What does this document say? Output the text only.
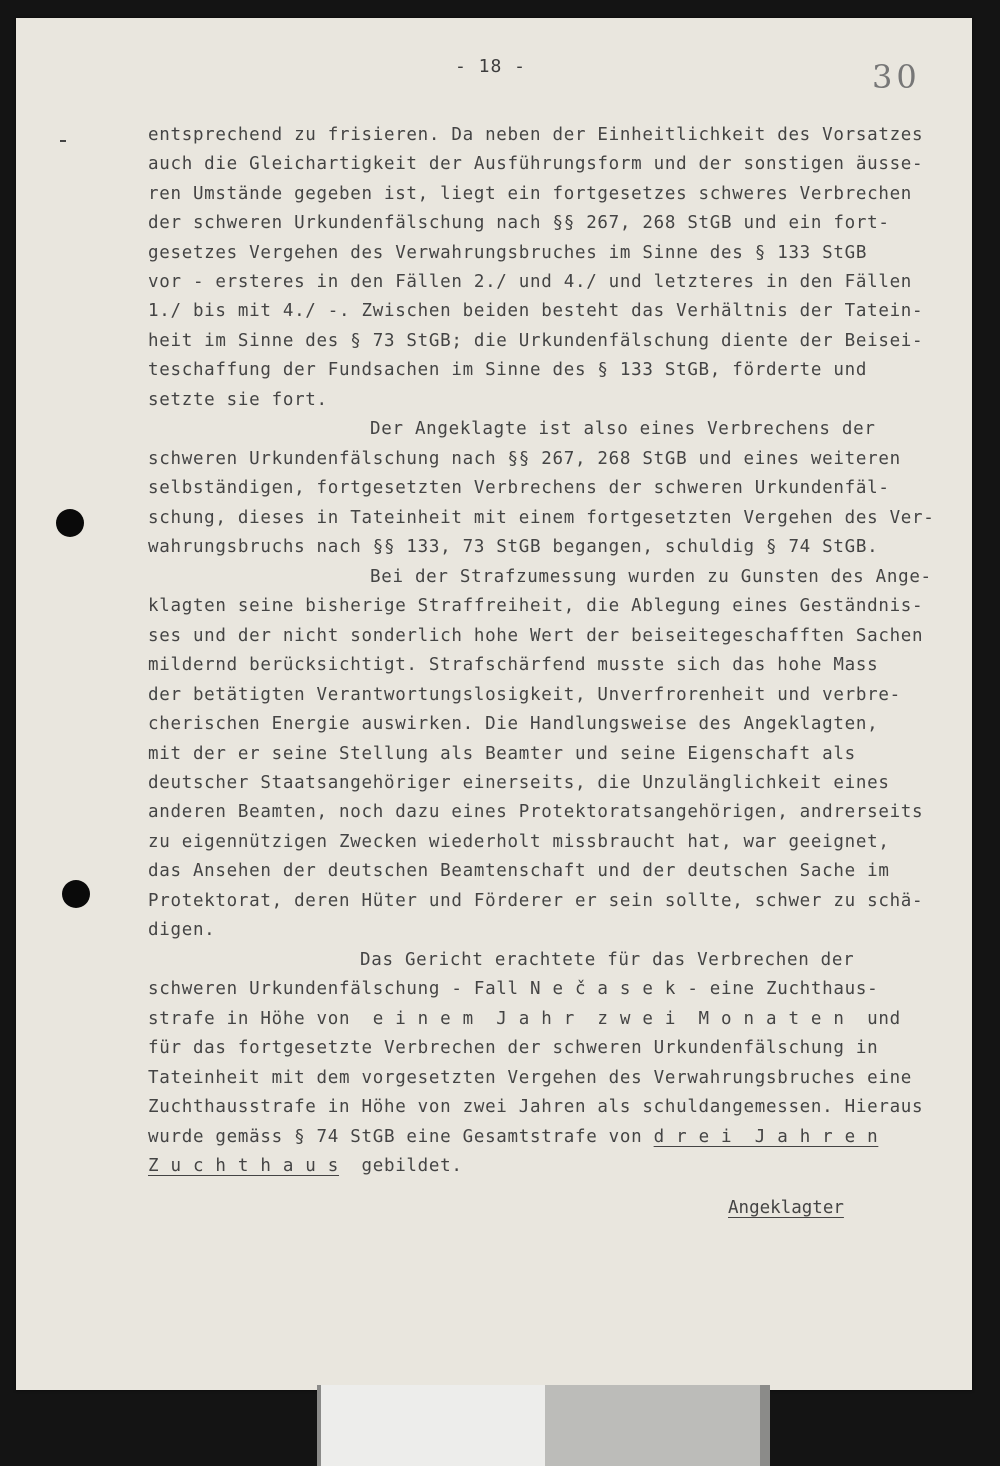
- 18 -	30
entsprechend zu frisieren. Da neben der Einheitlichkeit des Vorsatzes
auch die Gleichartigkeit der Ausführungsform und der sonstigen äusse-
ren Umstände gegeben ist, liegt ein fortgesetzes schweres Verbrechen
der schweren Urkundenfälschung nach §§ 267, 268 StGB und ein fort-
gesetzes Vergehen des Verwahrungsbruches im Sinne des § 133 StGB
vor - ersteres in den Fällen 2./ und 4./ und letzteres in den Fällen
1./ bis mit 4./ -. Zwischen beiden besteht das Verhältnis der Tatein-
heit im Sinne des § 73 StGB; die Urkundenfälschung diente der Beisei-
teschaffung der Fundsachen im Sinne des § 133 StGB, förderte und
setzte sie fort.
Der Angeklagte ist also eines Verbrechens der
schweren Urkundenfälschung nach §§ 267, 268 StGB und eines weiteren
selbständigen, fortgesetzten Verbrechens der schweren Urkundenfäl-
schung, dieses in Tateinheit mit einem fortgesetzten Vergehen des Ver-
wahrungsbruchs nach §§ 133, 73 StGB begangen, schuldig § 74 StGB.
Bei der Strafzumessung wurden zu Gunsten des Ange-
klagten seine bisherige Straffreiheit, die Ablegung eines Geständnis-
ses und der nicht sonderlich hohe Wert der beiseitegeschafften Sachen
mildernd berücksichtigt. Strafschärfend musste sich das hohe Mass
der betätigten Verantwortungslosigkeit, Unverfrorenheit und verbre-
cherischen Energie auswirken. Die Handlungsweise des Angeklagten,
mit der er seine Stellung als Beamter und seine Eigenschaft als
deutscher Staatsangehöriger einerseits, die Unzulänglichkeit eines
anderen Beamten, noch dazu eines Protektoratsangehörigen, andrerseits
zu eigennützigen Zwecken wiederholt missbraucht hat, war geeignet,
das Ansehen der deutschen Beamtenschaft und der deutschen Sache im
Protektorat, deren Hüter und Förderer er sein sollte, schwer zu schä-
digen.
Das Gericht erachtete für das Verbrechen der
schweren Urkundenfälschung - Fall N e č a s e k - eine Zuchthaus-
strafe in Höhe von  e i n e m  J a h r  z w e i  M o n a t e n  und
für das fortgesetzte Verbrechen der schweren Urkundenfälschung in
Tateinheit mit dem vorgesetzten Vergehen des Verwahrungsbruches eine
Zuchthausstrafe in Höhe von zwei Jahren als schuldangemessen. Hieraus
wurde gemäss § 74 StGB eine Gesamtstrafe von d r e i  J a h r e n
Z u c h t h a u s  gebildet.
Angeklagter
